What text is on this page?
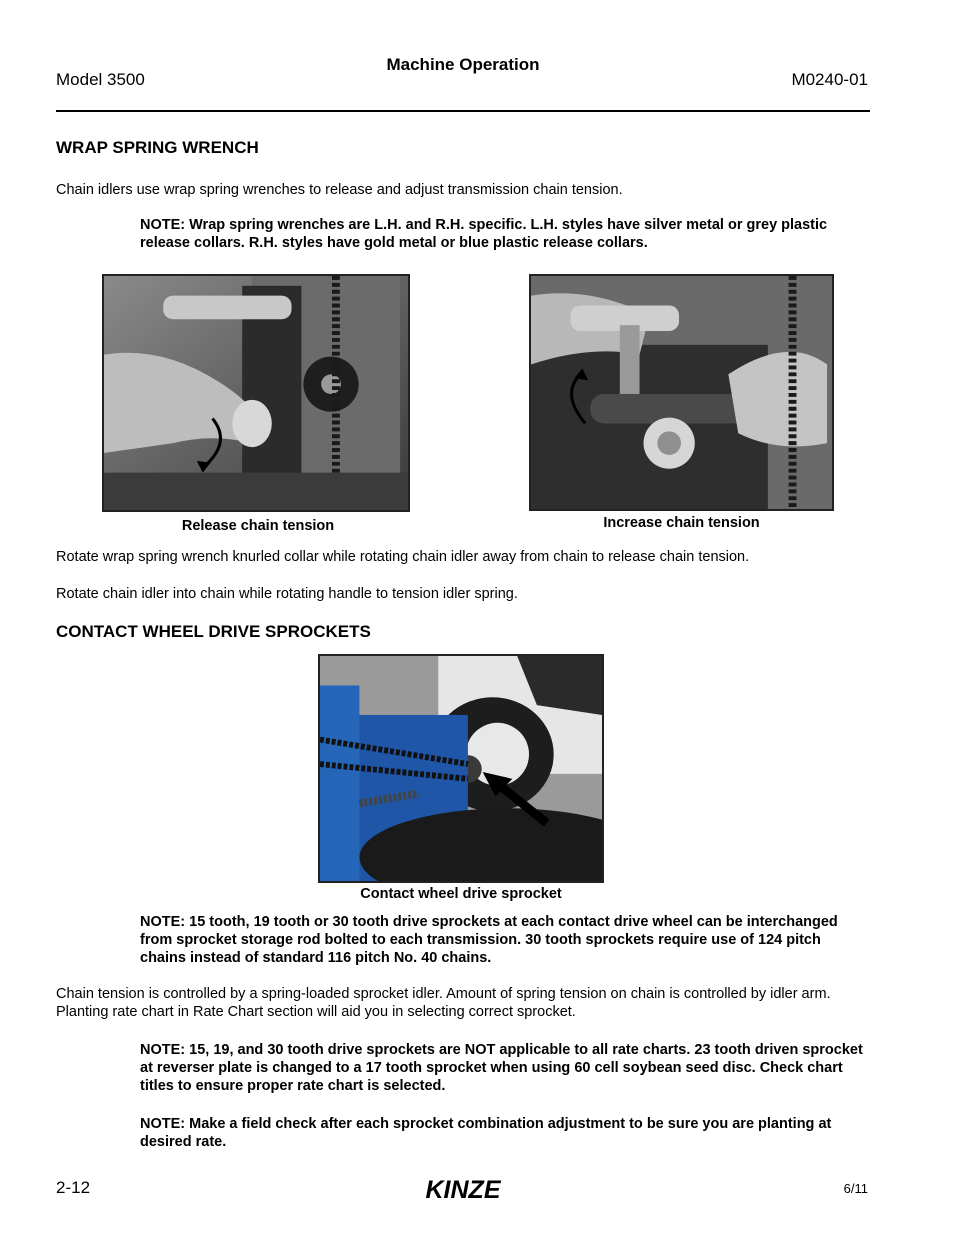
Model 3500
Machine Operation
M0240-01
WRAP SPRING WRENCH
Chain idlers use wrap spring wrenches to release and adjust transmission chain tension.
NOTE: Wrap spring wrenches are L.H. and R.H. specific. L.H. styles have silver metal or grey plastic release collars. R.H. styles have gold metal or blue plastic release collars.
Release chain tension	Increase chain tension
Rotate wrap spring wrench knurled collar while rotating chain idler away from chain to release chain tension.
Rotate chain idler into chain while rotating handle to tension idler spring.
CONTACT WHEEL DRIVE SPROCKETS
Contact wheel drive sprocket
NOTE: 15 tooth, 19 tooth or 30 tooth drive sprockets at each contact drive wheel can be interchanged from sprocket storage rod bolted to each transmission. 30 tooth sprockets require use of 124 pitch chains instead of standard 116 pitch No. 40 chains.
Chain tension is controlled by a spring-loaded sprocket idler. Amount of spring tension on chain is controlled by idler arm. Planting rate chart in Rate Chart section will aid you in selecting correct sprocket.
NOTE: 15, 19, and 30 tooth drive sprockets are NOT applicable to all rate charts. 23 tooth driven sprocket at reverser plate is changed to a 17 tooth sprocket when using 60 cell soybean seed disc. Check chart titles to ensure proper rate chart is selected.
NOTE: Make a field check after each sprocket combination adjustment to be sure you are planting at desired rate.
2-12	KINZE	6/11
